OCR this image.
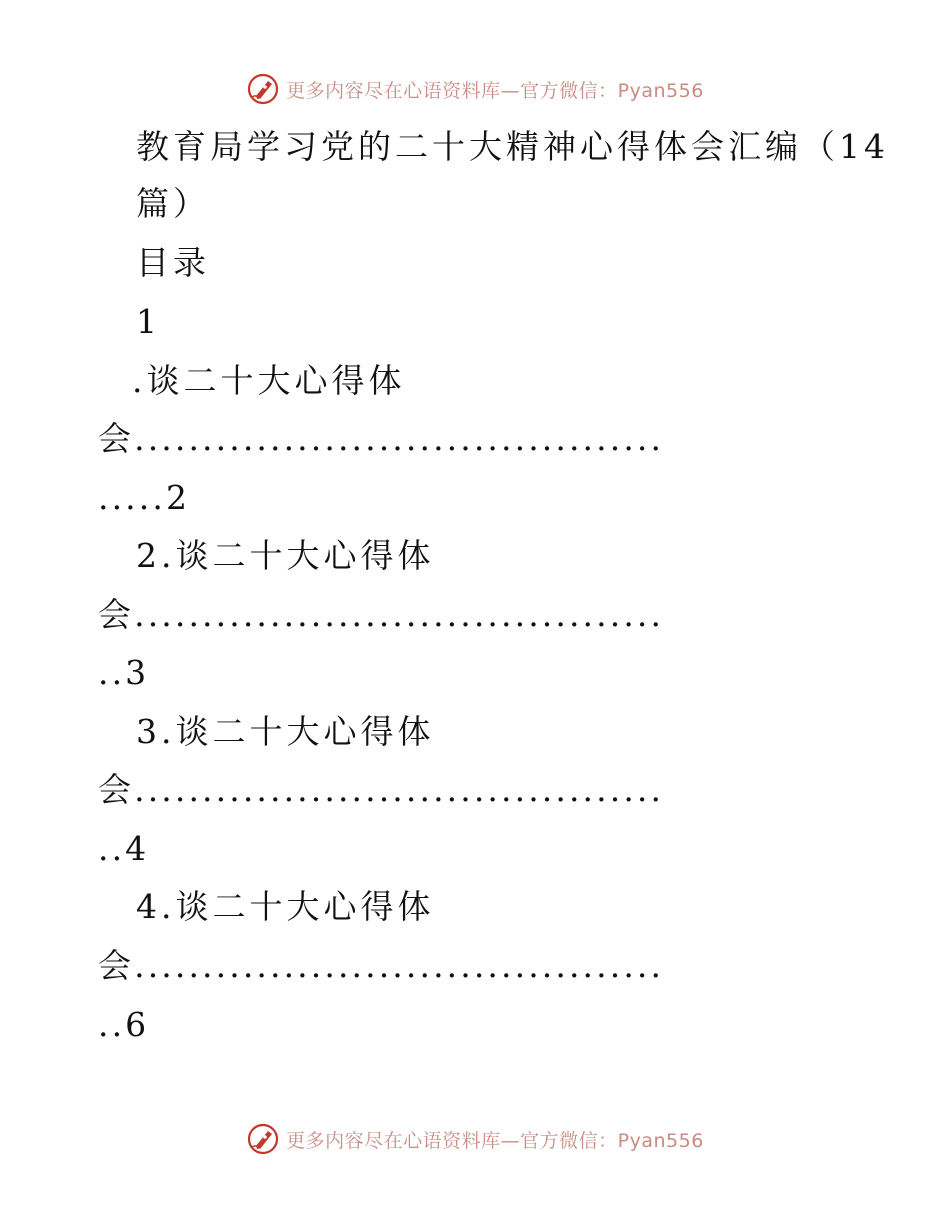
更多内容尽在心语资料库—官方微信：Pyan556
教育局学习党的二十大精神心得体会汇编（14
篇）
目录
1
.谈二十大心得体
会.......................................
.....2
2.谈二十大心得体
会.......................................
..3
3.谈二十大心得体
会.......................................
..4
4.谈二十大心得体
会.......................................
..6
更多内容尽在心语资料库—官方微信：Pyan556
